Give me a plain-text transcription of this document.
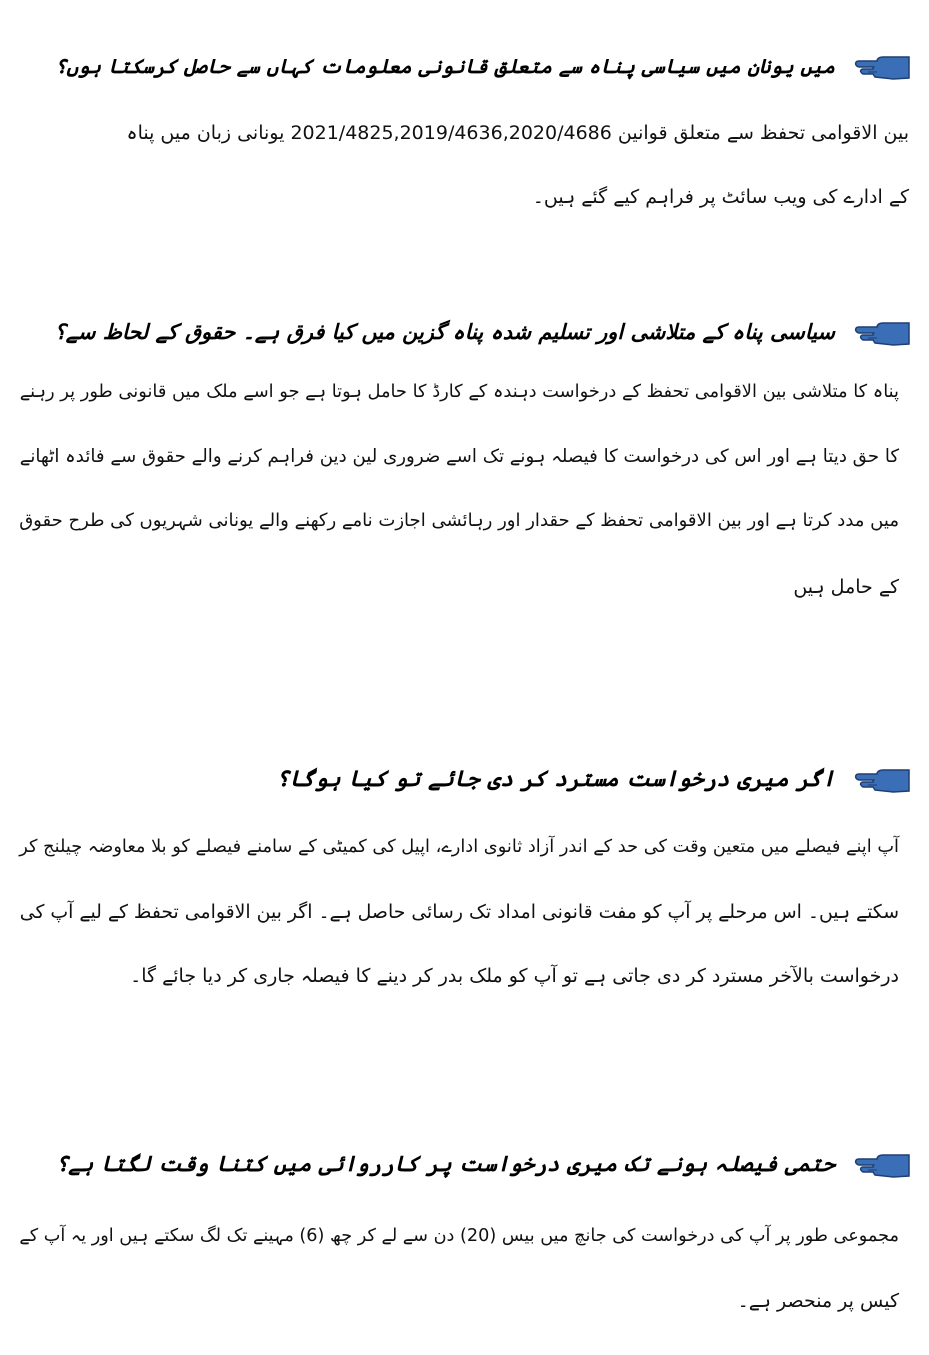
میں یونان میں سیاسی پناہ سے متعلق قانونی معلومات کہاں سے حاصل کرسکتا ہوں؟
بین الاقوامی تحفظ سے متعلق قوانین 2021/4825,2019/4636,2020/4686 یونانی زبان میں پناہ
کے ادارے کی ویب سائٹ پر فراہم کیے گئے ہیں۔
سیاسی پناہ کے متلاشی اور تسلیم شدہ پناہ گزین میں کیا فرق ہے۔ حقوق کے لحاظ سے؟
پناہ کا متلاشی بین الاقوامی تحفظ کے درخواست دہندہ کے کارڈ کا حامل ہوتا ہے جو اسے ملک میں قانونی طور پر رہنے
کا حق دیتا ہے اور اس کی درخواست کا فیصلہ ہونے تک اسے ضروری لین دین فراہم کرنے والے حقوق سے فائدہ اٹھانے
میں مدد کرتا ہے اور بین الاقوامی تحفظ کے حقدار اور رہائشی اجازت نامے رکھنے والے یونانی شہریوں کی طرح حقوق
کے حامل ہیں
اگر میری درخواست مسترد کر دی جائے تو کیا ہوگا؟
آپ اپنے فیصلے میں متعین وقت کی حد کے اندر آزاد ثانوی ادارے، اپیل کی کمیٹی کے سامنے فیصلے کو بلا معاوضہ چیلنج کر
سکتے ہیں۔ اس مرحلے پر آپ کو مفت قانونی امداد تک رسائی حاصل ہے۔ اگر بین الاقوامی تحفظ کے لیے آپ کی
درخواست بالآخر مسترد کر دی جاتی ہے تو آپ کو ملک بدر کر دینے کا فیصلہ جاری کر دیا جائے گا۔
حتمی فیصلہ ہونے تک میری درخواست پر کارروائی میں کتنا وقت لگتا ہے؟
مجموعی طور پر آپ کی درخواست کی جانچ میں بیس (20) دن سے لے کر چھ (6) مہینے تک لگ سکتے ہیں اور یہ آپ کے
کیس پر منحصر ہے۔
